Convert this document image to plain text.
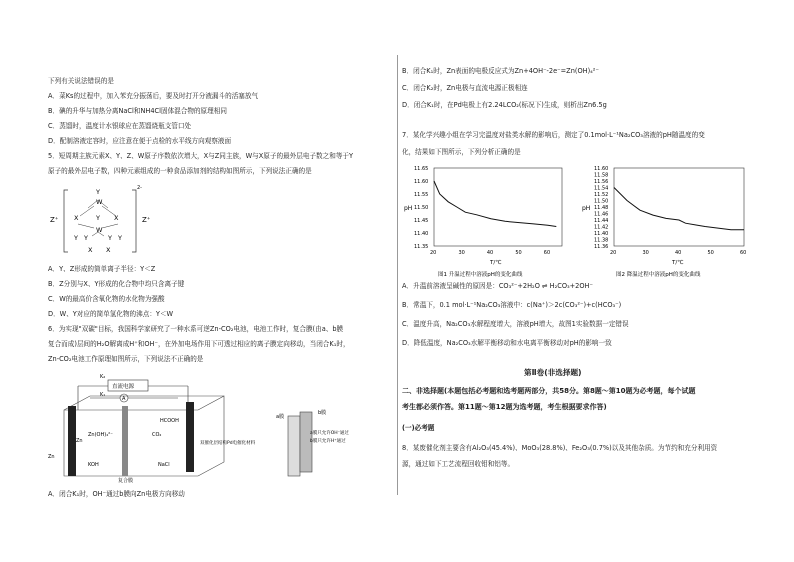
下列有关说法错误的是
A．菜Ks的过程中，加入苯充分振荡后，要及时打开分液漏斗的活塞放气
B．碘的升华与加热分离NaCl和NH4Cl固体混合物的原理相同
C．蒸馏时，温度计水银球应在蒸馏烧瓶支管口处
D．配制溶液定容时，应注意在便于点检的水平线方向观察液面
5．短周期主族元素X、Y、Z、W原子序数依次增大，X与Z同主族，W与X原子的最外层电子数之和等于Y
原子的最外层电子数，四种元素组成的一种食品添加剂的结构如图所示，下列说法正确的是
Z⁺	Z⁺
2-
Y
W
Y
W
X	X
Y	Y
Y	Y
X X
A．Y、Z形成的简单离子半径：Y＜Z
B．Z分别与X、Y形成的化合物中均只含离子键
C．W的最高价含氧化物的水化物为强酸
D．W、Y对应的简单氢化物的沸点：Y＜W
6．为实现"双碳"目标，我国科学家研究了一种水系可逆Zn-CO₂电池，电池工作时，复合膜(由a、b膜
复合而成)层间的H₂O解离成H⁺和OH⁻，在外加电场作用下可透过相应的离子膜定向移动，当闭合K₁时，
Zn-CO₂电池工作原理如图所示，下列说法不正确的是
直流电源
A
K₂
K₁
Zn
Zn(OH)₄²⁻
Zn
KOH
CO₂
HCOOH
双催化层结构Pd电催化材料
NaCl
复合膜
a膜
b膜
a膜只允许OH⁻通过
b膜只允许H⁺通过
A．闭合K₁时，OH⁻通过b膜向Zn电极方向移动
B．闭合K₁时，Zn表面的电极反应式为Zn+4OH⁻-2e⁻=Zn(OH)₄²⁻
C．闭合K₂时，Zn电极与直流电源正极相连
D．闭合K₁时，在Pd电极上有2.24LCO₂(标况下)生成，则析出Zn6.5g
7．某化学兴趣小组在学习完温度对盐类水解的影响后，测定了0.1mol·L⁻¹Na₂CO₃溶液的pH随温度的变
化，结果如下图所示，下列分析正确的是
pH
T/℃
图1 升温过程中溶液pH的变化曲线
20	30	40	50	60
11.35
11.40
11.45
11.50
11.55
11.60
11.65
pH
T/℃
图2 降温过程中溶液pH的变化曲线
20	30	40	50	60
11.36
11.38
11.40
11.42
11.44
11.46
11.48
11.50
11.52
11.54
11.56
11.58
11.60
A．升温前溶液呈碱性的原因是：CO₃²⁻+2H₂O ⇌ H₂CO₃+2OH⁻
B．常温下，0.1 mol·L⁻¹Na₂CO₃溶液中：c(Na⁺)＞2c(CO₃²⁻)+c(HCO₃⁻)
C．温度升高，Na₂CO₃水解程度增大，溶液pH增大，故图1实验数据一定错误
D．降低温度，Na₂CO₃水解平衡移动和水电离平衡移动对pH的影响一致
第Ⅱ卷(非选择题)
二、非选择题(本题包括必考题和选考题两部分，共58分。第8题～第10题为必考题，每个试题
考生都必须作答。第11题～第12题为选考题，考生根据要求作答)
(一)必考题
8．某废催化剂主要含有Al₂O₃(45.4%)、MoO₃(28.8%)、Fe₂O₃(0.7%)以及其他杂质。为节约和充分利用资
源，通过如下工艺流程回收钼和铝等。
